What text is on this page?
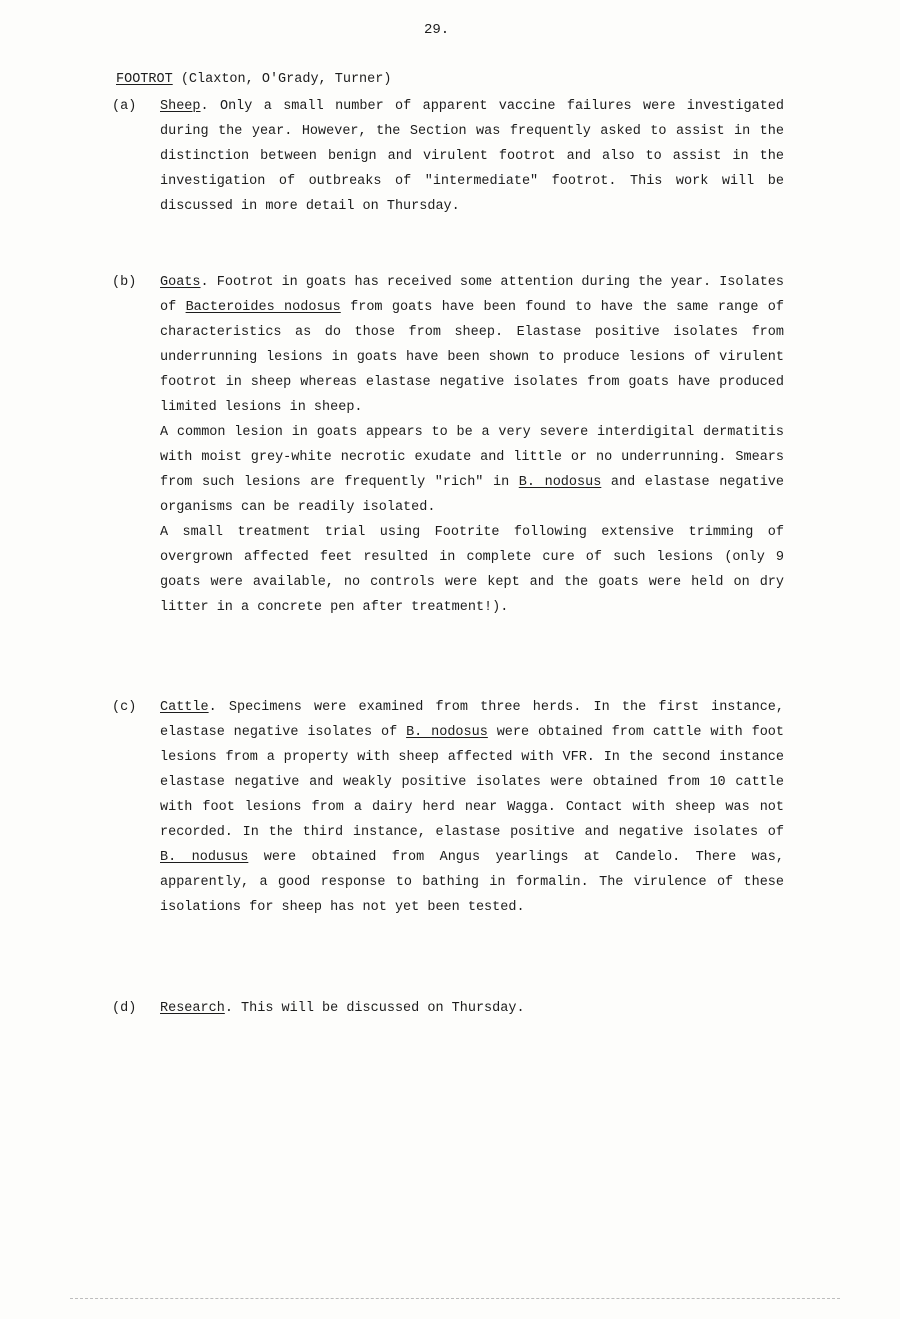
29.
FOOTROT (Claxton, O'Grady, Turner)
(a) Sheep. Only a small number of apparent vaccine failures were investigated during the year. However, the Section was frequently asked to assist in the distinction between benign and virulent footrot and also to assist in the investigation of outbreaks of "intermediate" footrot. This work will be discussed in more detail on Thursday.

(b) Goats. Footrot in goats has received some attention during the year. Isolates of Bacteroides nodosus from goats have been found to have the same range of characteristics as do those from sheep. Elastase positive isolates from underrunning lesions in goats have been shown to produce lesions of virulent footrot in sheep whereas elastase negative isolates from goats have produced limited lesions in sheep.

A common lesion in goats appears to be a very severe interdigital dermatitis with moist grey-white necrotic exudate and little or no underrunning. Smears from such lesions are frequently "rich" in B. nodosus and elastase negative organisms can be readily isolated.

A small treatment trial using Footrite following extensive trimming of overgrown affected feet resulted in complete cure of such lesions (only 9 goats were available, no controls were kept and the goats were held on dry litter in a concrete pen after treatment!).

(c) Cattle. Specimens were examined from three herds. In the first instance, elastase negative isolates of B. nodosus were obtained from cattle with foot lesions from a property with sheep affected with VFR. In the second instance elastase negative and weakly positive isolates were obtained from 10 cattle with foot lesions from a dairy herd near Wagga. Contact with sheep was not recorded. In the third instance, elastase positive and negative isolates of B. nodusus were obtained from Angus yearlings at Candelo. There was, apparently, a good response to bathing in formalin. The virulence of these isolations for sheep has not yet been tested.

(d) Research. This will be discussed on Thursday.
